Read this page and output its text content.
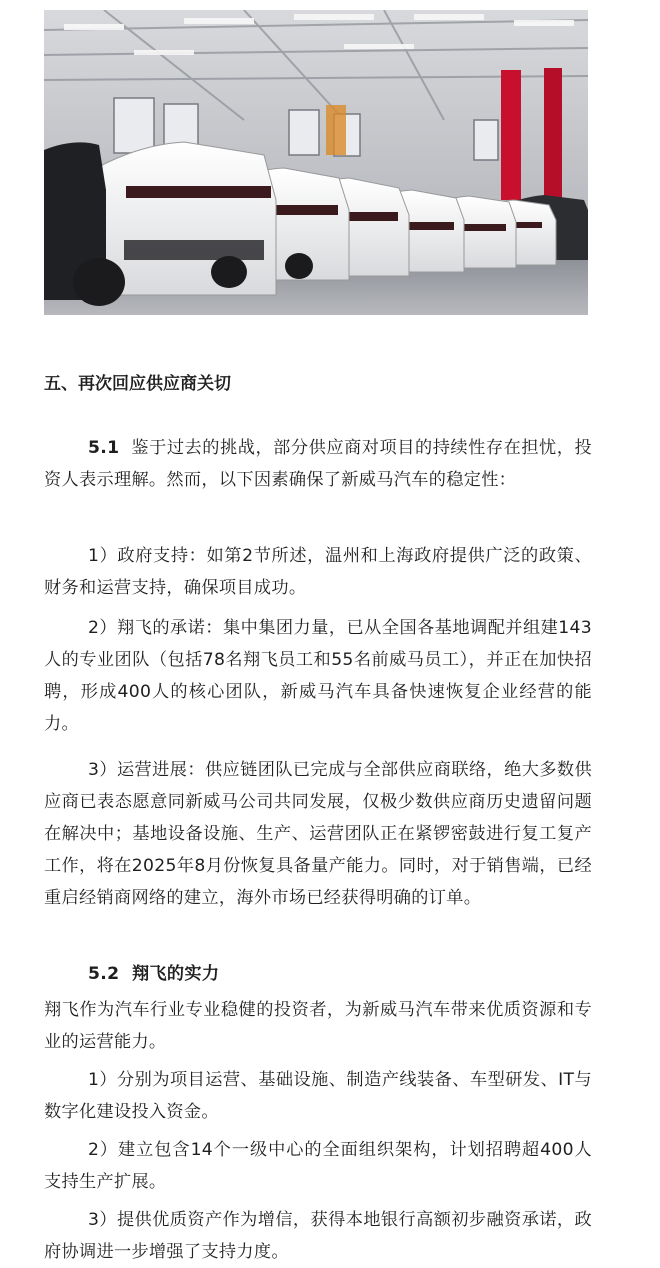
五、再次回应供应商关切

5.1 鉴于过去的挑战，部分供应商对项目的持续性存在担忧，投资人表示理解。然而，以下因素确保了新威马汽车的稳定性：

1）政府支持：如第2节所述，温州和上海政府提供广泛的政策、财务和运营支持，确保项目成功。

2）翔飞的承诺：集中集团力量，已从全国各基地调配并组建143人的专业团队（包括78名翔飞员工和55名前威马员工），并正在加快招聘，形成400人的核心团队，新威马汽车具备快速恢复企业经营的能力。

3）运营进展：供应链团队已完成与全部供应商联络，绝大多数供应商已表态愿意同新威马公司共同发展，仅极少数供应商历史遗留问题在解决中；基地设备设施、生产、运营团队正在紧锣密鼓进行复工复产工作，将在2025年8月份恢复具备量产能力。同时，对于销售端，已经重启经销商网络的建立，海外市场已经获得明确的订单。

5.2 翔飞的实力

翔飞作为汽车行业专业稳健的投资者，为新威马汽车带来优质资源和专业的运营能力。

1）分别为项目运营、基础设施、制造产线装备、车型研发、IT与数字化建设投入资金。

2）建立包含14个一级中心的全面组织架构，计划招聘超400人支持生产扩展。

3）提供优质资产作为增信，获得本地银行高额初步融资承诺，政府协调进一步增强了支持力度。
